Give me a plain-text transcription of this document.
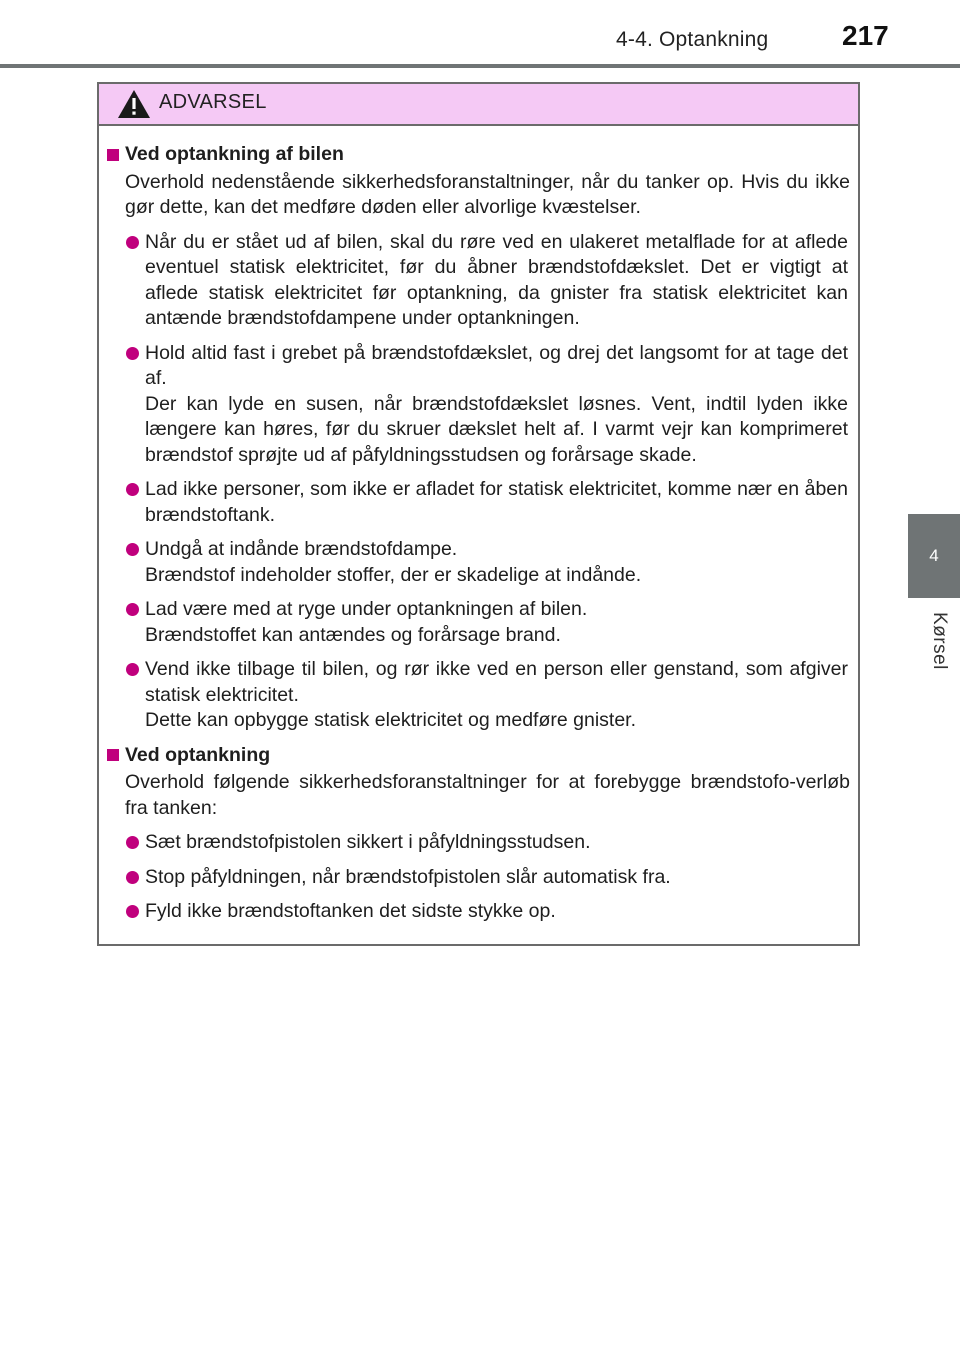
4-4. Optankning	217
4
Kørsel
ADVARSEL
Ved optankning af bilen
Overhold nedenstående sikkerhedsforanstaltninger, når du tanker op. Hvis du ikke gør dette, kan det medføre døden eller alvorlige kvæstelser.
Når du er stået ud af bilen, skal du røre ved en ulakeret metalflade for at aflede eventuel statisk elektricitet, før du åbner brændstofdækslet. Det er vigtigt at aflede statisk elektricitet før optankning, da gnister fra statisk elektricitet kan antænde brændstofdampene under optankningen.
Hold altid fast i grebet på brændstofdækslet, og drej det langsomt for at tage det af.
Der kan lyde en susen, når brændstofdækslet løsnes. Vent, indtil lyden ikke længere kan høres, før du skruer dækslet helt af. I varmt vejr kan komprimeret brændstof sprøjte ud af påfyldningsstudsen og forårsage skade.
Lad ikke personer, som ikke er afladet for statisk elektricitet, komme nær en åben brændstoftank.
Undgå at indånde brændstofdampe.
Brændstof indeholder stoffer, der er skadelige at indånde.
Lad være med at ryge under optankningen af bilen.
Brændstoffet kan antændes og forårsage brand.
Vend ikke tilbage til bilen, og rør ikke ved en person eller genstand, som afgiver statisk elektricitet.
Dette kan opbygge statisk elektricitet og medføre gnister.
Ved optankning
Overhold følgende sikkerhedsforanstaltninger for at forebygge brændstofo-verløb fra tanken:
Sæt brændstofpistolen sikkert i påfyldningsstudsen.
Stop påfyldningen, når brændstofpistolen slår automatisk fra.
Fyld ikke brændstoftanken det sidste stykke op.
